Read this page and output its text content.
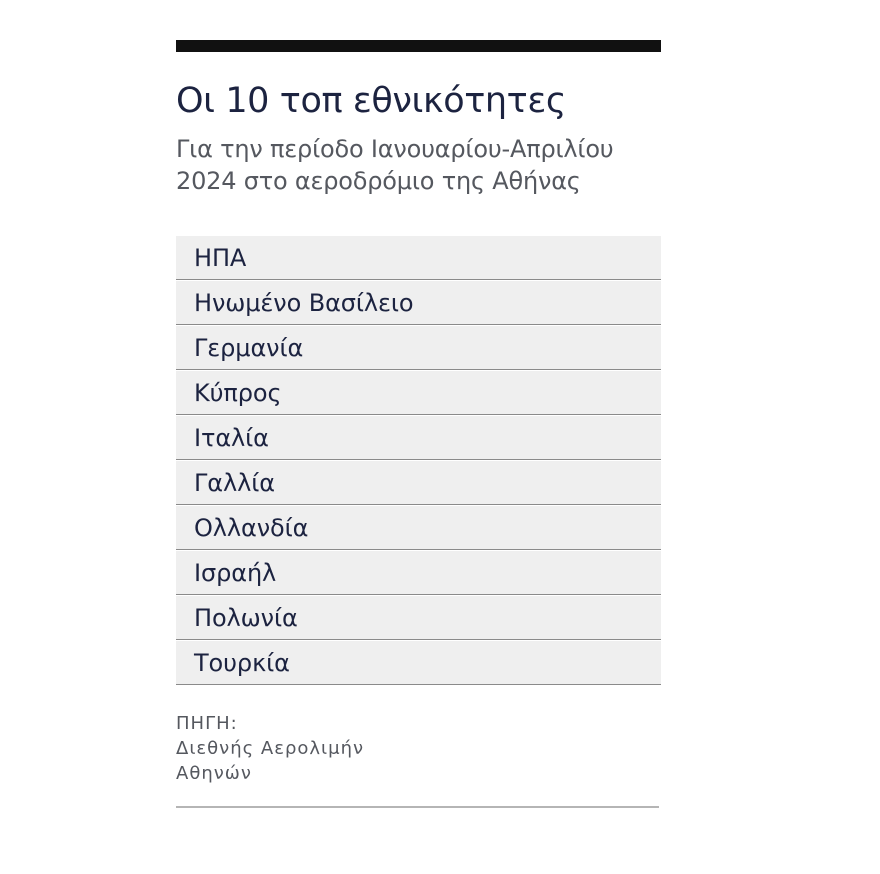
Οι 10 τοπ εθνικότητες

Για την περίοδο Ιανουαρίου-Απριλίου
2024 στο αεροδρόμιο της Αθήνας

ΗΠΑ
Ηνωμένο Βασίλειο
Γερμανία
Κύπρος
Ιταλία
Γαλλία
Ολλανδία
Ισραήλ
Πολωνία
Τουρκία
ΠΗΓΗ:
Διεθνής Αερολιμήν
Αθηνών
